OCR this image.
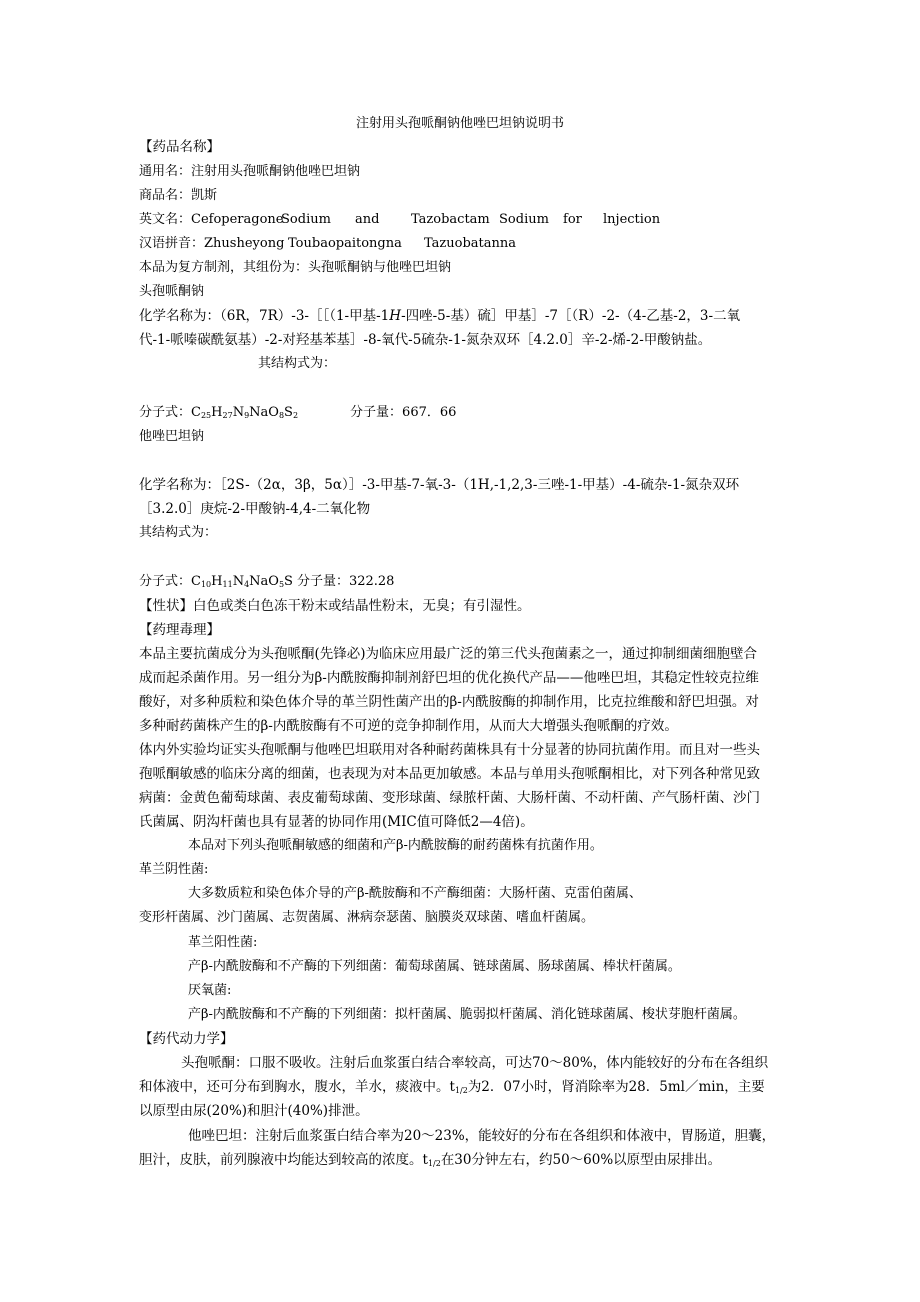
注射用头孢哌酮钠他唑巴坦钠说明书
【药品名称】
通用名：注射用头孢哌酮钠他唑巴坦钠
商品名：凯斯
英文名：CefoperagoneSodium and Tazobactam Sodium for lnjection
汉语拼音：Zhusheyong Toubaopaitongna Tazuobatanna
本品为复方制剂，其组份为：头孢哌酮钠与他唑巴坦钠
头孢哌酮钠
化学名称为：（6R，7R）-3-［［（1-甲基-1H-四唑-5-基）硫］甲基］-7［（R）-2-（4-乙基-2，3-二氧
代-1-哌嗪碳酰氨基）-2-对羟基苯基］-8-氧代-5硫杂-1-氮杂双环［4.2.0］辛-2-烯-2-甲酸钠盐。
其结构式为：
分子式：$C_{25}H_{27}N_9NaO_8S_2$	分子量：667．66
他唑巴坦钠
化学名称为：［2S-（2α，3β，5α）］-3-甲基-7-氧-3-（1H,-1,2,3-三唑-1-甲基）-4-硫杂-1-氮杂双环
［3.2.0］庚烷-2-甲酸钠-4,4-二氧化物
其结构式为：
分子式：$C_{10}H_{11}N_4NaO_5S$ 分子量：322.28
【性状】白色或类白色冻干粉末或结晶性粉末，无臭；有引湿性。
【药理毒理】
本品主要抗菌成分为头孢哌酮(先锋必)为临床应用最广泛的第三代头孢菌素之一，通过抑制细菌细胞壁合
成而起杀菌作用。另一组分为β-内酰胺酶抑制剂舒巴坦的优化换代产品——他唑巴坦，其稳定性较克拉维
酸好，对多种质粒和染色体介导的革兰阴性菌产出的β-内酰胺酶的抑制作用，比克拉维酸和舒巴坦强。对
多种耐药菌株产生的β-内酰胺酶有不可逆的竞争抑制作用，从而大大增强头孢哌酮的疗效。
体内外实验均证实头孢哌酮与他唑巴坦联用对各种耐药菌株具有十分显著的协同抗菌作用。而且对一些头
孢哌酮敏感的临床分离的细菌，也表现为对本品更加敏感。本品与单用头孢哌酮相比，对下列各种常见致
病菌：金黄色葡萄球菌、表皮葡萄球菌、变形球菌、绿脓杆菌、大肠杆菌、不动杆菌、产气肠杆菌、沙门
氏菌属、阴沟杆菌也具有显著的协同作用(MIC值可降低2—4倍)。
本品对下列头孢哌酮敏感的细菌和产β-内酰胺酶的耐药菌株有抗菌作用。
革兰阴性菌:
大多数质粒和染色体介导的产β-酰胺酶和不产酶细菌：大肠杆菌、克雷伯菌属、
变形杆菌属、沙门菌属、志贺菌属、淋病奈瑟菌、脑膜炎双球菌、嗜血杆菌属。
革兰阳性菌:
产β-内酰胺酶和不产酶的下列细菌：葡萄球菌属、链球菌属、肠球菌属、棒状杆菌属。
厌氧菌:
产β-内酰胺酶和不产酶的下列细菌：拟杆菌属、脆弱拟杆菌属、消化链球菌属、梭状芽胞杆菌属。
【药代动力学】
头孢哌酮：口服不吸收。注射后血浆蛋白结合率较高，可达70～80%，体内能较好的分布在各组织
和体液中，还可分布到胸水，腹水，羊水，痰液中。$t_{1/2}$为2．07小时，肾消除率为28．5ml／min，主要
以原型由尿(20%)和胆汁(40%)排泄。
他唑巴坦：注射后血浆蛋白结合率为20～23%，能较好的分布在各组织和体液中，胃肠道，胆囊，
胆汁，皮肤，前列腺液中均能达到较高的浓度。$t_{1/2}$在30分钟左右，约50～60%以原型由尿排出。
